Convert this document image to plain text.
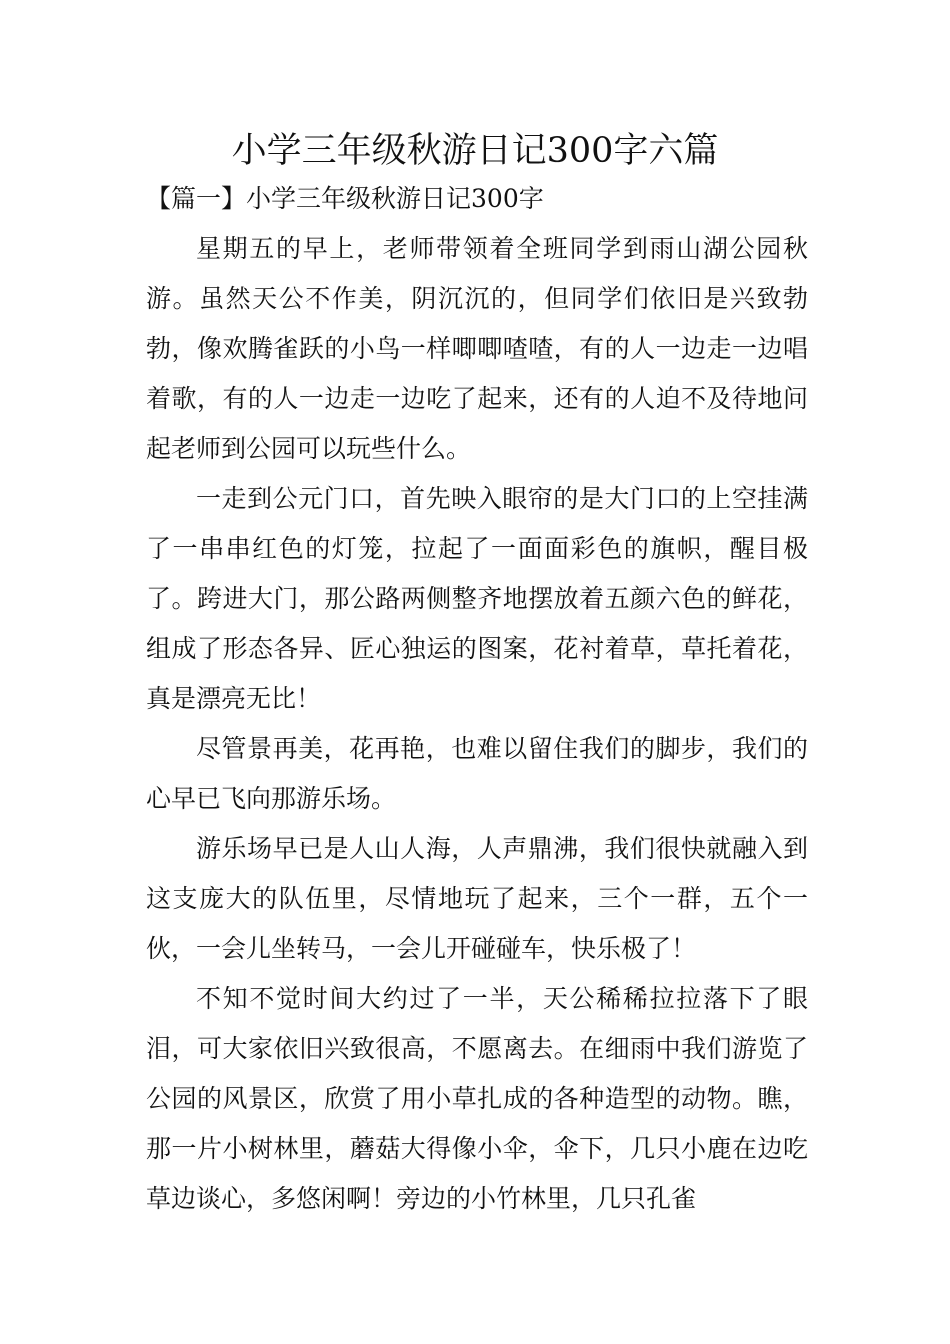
小学三年级秋游日记300字六篇
【篇一】小学三年级秋游日记300字

星期五的早上，老师带领着全班同学到雨山湖公园秋游。虽然天公不作美，阴沉沉的，但同学们依旧是兴致勃勃，像欢腾雀跃的小鸟一样唧唧喳喳，有的人一边走一边唱着歌，有的人一边走一边吃了起来，还有的人迫不及待地问起老师到公园可以玩些什么。

一走到公元门口，首先映入眼帘的是大门口的上空挂满了一串串红色的灯笼，拉起了一面面彩色的旗帜，醒目极了。跨进大门，那公路两侧整齐地摆放着五颜六色的鲜花，组成了形态各异、匠心独运的图案，花衬着草，草托着花，真是漂亮无比！

尽管景再美，花再艳，也难以留住我们的脚步，我们的心早已飞向那游乐场。

游乐场早已是人山人海，人声鼎沸，我们很快就融入到这支庞大的队伍里，尽情地玩了起来，三个一群，五个一伙，一会儿坐转马，一会儿开碰碰车，快乐极了！

不知不觉时间大约过了一半，天公稀稀拉拉落下了眼泪，可大家依旧兴致很高，不愿离去。在细雨中我们游览了公园的风景区，欣赏了用小草扎成的各种造型的动物。瞧，那一片小树林里，蘑菇大得像小伞，伞下，几只小鹿在边吃草边谈心，多悠闲啊！旁边的小竹林里，几只孔雀
